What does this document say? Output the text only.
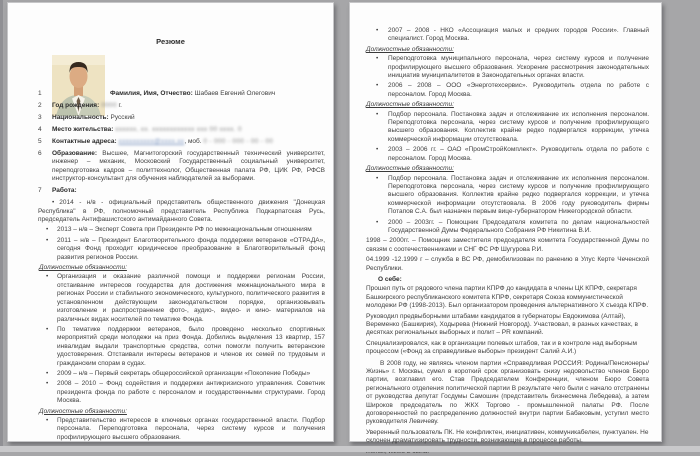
Резюме
1	Фамилия, Имя, Отчество: Шабаев Евгений Олегович
2 Год рождения: 0000 г.
3 Национальность: Русский
4 Место жительства: xxxxxx, xx. xxxxxxxxxxxx xxx 00 xxxx. 0
5 Контактные адреса: xxxxxxxxxx@xxxx.xx, моб. 0 - 000 - 000 - 00 - 00
6 Образование: Высшее, Магнитогорский государственный технический университет, инженер – механик, Московский Государственный социальный университет, переподготовка кадров – политтехнолог, Общественная палата РФ, ЦИК РФ, РФСВ инструктор-консультант для обучения наблюдателей за выборами.
7 Работа:
• 2014 - н/в - официальный представитель общественного движения "Донецкая Республика" в РФ, полномочный представитель Республика Подкарпатская Русь, председатель Антифашистского антимайданного Совета.
• 2013 – н/в – Эксперт Совета при Президенте РФ по межнациональным отношениям
• 2011 – н/в – Президент Благотворительного фонда поддержки ветеранов «ОТРАДА», сегодня Фонд проходит юридическое преобразование в Благотворительный фонд развития регионов России.
Должностные обязанности:
• Организация и оказание различной помощи и поддержки регионам России, отстаивание интересов государства для достижения межнационального мира в регионах России и стабильного экономического, культурного, политического развития в установленном действующим законодательством порядке, организовывать изготовление и распространение фото-, аудио-, видео- и кино- материалов на различных видах носителей по тематике Фонда.
• По тематике поддержки ветеранов, было проведено несколько спортивных мероприятий среди молодежи на приз Фонда. Добились выделения 13 квартир, 157 инвалидам выдали транспортные средства, сотни помогли получить ветеранские удостоверения. Отстаивали интересы ветеранов и членов их семей по трудовым и гражданским спорам в судах.
• 2009 – н/в – Первый секретарь общероссийской организации «Поколение Победы»
• 2008 – 2010 – Фонд содействия и поддержки антикризисного управления. Советник президента фонда по работе с персоналом и государственными структурами. Город Москва.
Должностные обязанности:
• Представительство интересов в ключевых органах государственной власти. Подбор персонала. Переподготовка персонала, через систему курсов и получения профилирующего высшего образования.
• 2007 – 2008 - НКО «Ассоциация малых и средних городов России». Главный специалист. Город Москва.
Должностные обязанности:
• Переподготовка муниципального персонала, через систему курсов и получение профилирующего высшего образования. Ускорение рассмотрения законодательных инициатив муниципалитетов в Законодательных органах власти.
• 2006 – 2008 – ООО «Энерготехсервис». Руководитель отдела по работе с персоналом. Город Москва.
Должностные обязанности:
• Подбор персонала. Постановка задач и отслеживание их исполнения персоналом. Переподготовка персонала, через систему курсов и получение профилирующего высшего образования. Коллектив крайне редко подвергался коррекции, утечка коммерческой информации отсутствовала.
• 2003 – 2006 гг. – ОАО «ПромСтройКомплект». Руководитель отдела по работе с персоналом. Город Москва.
Должностные обязанности:
• Подбор персонала. Постановка задач и отслеживание их исполнения персоналом. Переподготовка персонала, через систему курсов и получение профилирующего высшего образования. Коллектив крайне редко подвергался коррекции, и утечка коммерческой информации отсутствовала. В 2006 году руководитель фирмы Потапов С.А. был назначен первым вице-губернатором Нижегородской области.
• 2000 – 2003гг. – Помощник Председателя комитета по делам национальностей Государственной Думы Федерального Собрания РФ Никитина В.И.
1998 – 2000гг. – Помощник заместителя председателя комитета Государственной Думы по связям с соотечественниками и СНГ ФС РФ Шугурова Р.И.
04.1999 -12.1999 г – служба в ВС РФ, демобилизован по ранению в Улус Керте Чеченской Республики.
О себе:
Прошел путь от рядового члена партии КПРФ до кандидата в члены ЦК КПРФ, секретаря Башкирского республиканского комитета КПРФ, секретаря Союза коммунистической молодежи РФ (1998-2013). Был организатором проведения альтернативного X съезда КПРФ.
Руководил предвыборными штабами кандидатов в губернаторы Евдокимова (Алтай), Веременко (Башкирия), Ходырева (Нижний Новгород). Участвовал, в разных качествах, в десятках региональных выборных и полит – PR компаний.
Специализировался, как в организации полевых штабов, так и в контроле над выборным процессом («Фонд за справедливые выборы» президент Салий А.И.)
В 2008 году, не являясь членом партии «Справедливая РОССИЯ: Родина/Пенсионеры/Жизнь» г. Москвы, сумел в короткий срок организовать снизу недовольство членов Бюро партии, возглавил его. Став Председателем Конференции, членом Бюро Совета регионального отделения политической партии В результате чего были с начало отстранены от руководства депутат Госдумы Самошин (представитель бизнесмена Лебедева), а затем Широков председатель по ЖКХ Торгово - промышленной палаты РФ. После договоренностей по распределению должностей внутри партии Бабаковым, уступил место руководителя Левичеву.
Уверенный пользователь ПК. Не конфликтен, инициативен, коммуникабелен, пунктуален. Не склонен драматизировать трудности, возникающие в процессе работы.
